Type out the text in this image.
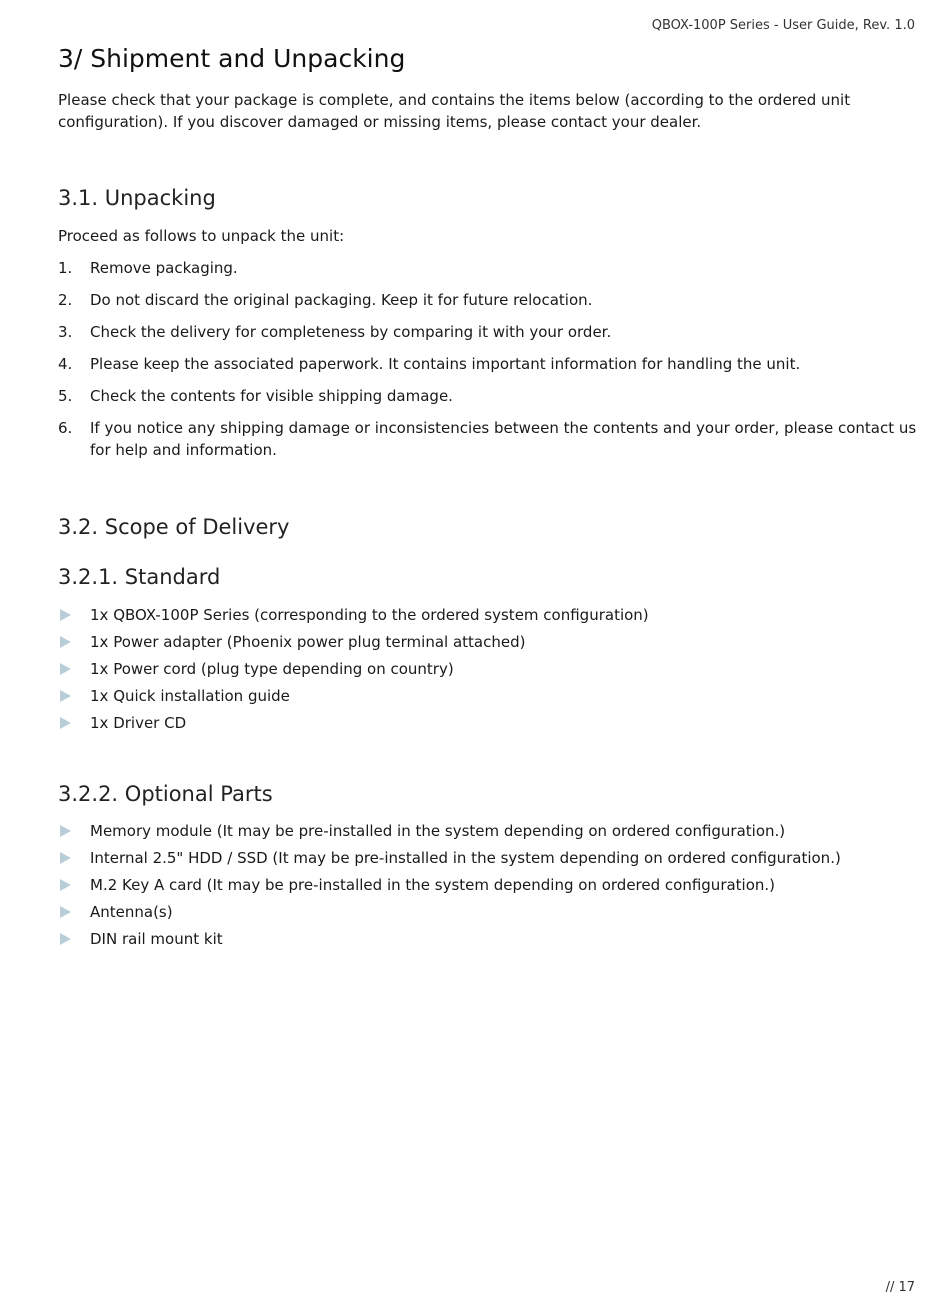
QBOX-100P Series - User Guide, Rev. 1.0
3/ Shipment and Unpacking

Please check that your package is complete, and contains the items below (according to the ordered unit configuration). If you discover damaged or missing items, please contact your dealer.

3.1. Unpacking

Proceed as follows to unpack the unit:

1. Remove packaging.
2. Do not discard the original packaging. Keep it for future relocation.
3. Check the delivery for completeness by comparing it with your order.
4. Please keep the associated paperwork. It contains important information for handling the unit.
5. Check the contents for visible shipping damage.
6. If you notice any shipping damage or inconsistencies between the contents and your order, please contact us for help and information.
3.2. Scope of Delivery
3.2.1. Standard
1x QBOX-100P Series (corresponding to the ordered system configuration)
1x Power adapter (Phoenix power plug terminal attached)
1x Power cord (plug type depending on country)
1x Quick installation guide
1x Driver CD
3.2.2. Optional Parts
Memory module (It may be pre-installed in the system depending on ordered configuration.)
Internal 2.5" HDD / SSD (It may be pre-installed in the system depending on ordered configuration.)
M.2 Key A card (It may be pre-installed in the system depending on ordered configuration.)
Antenna(s)
DIN rail mount kit
// 17
